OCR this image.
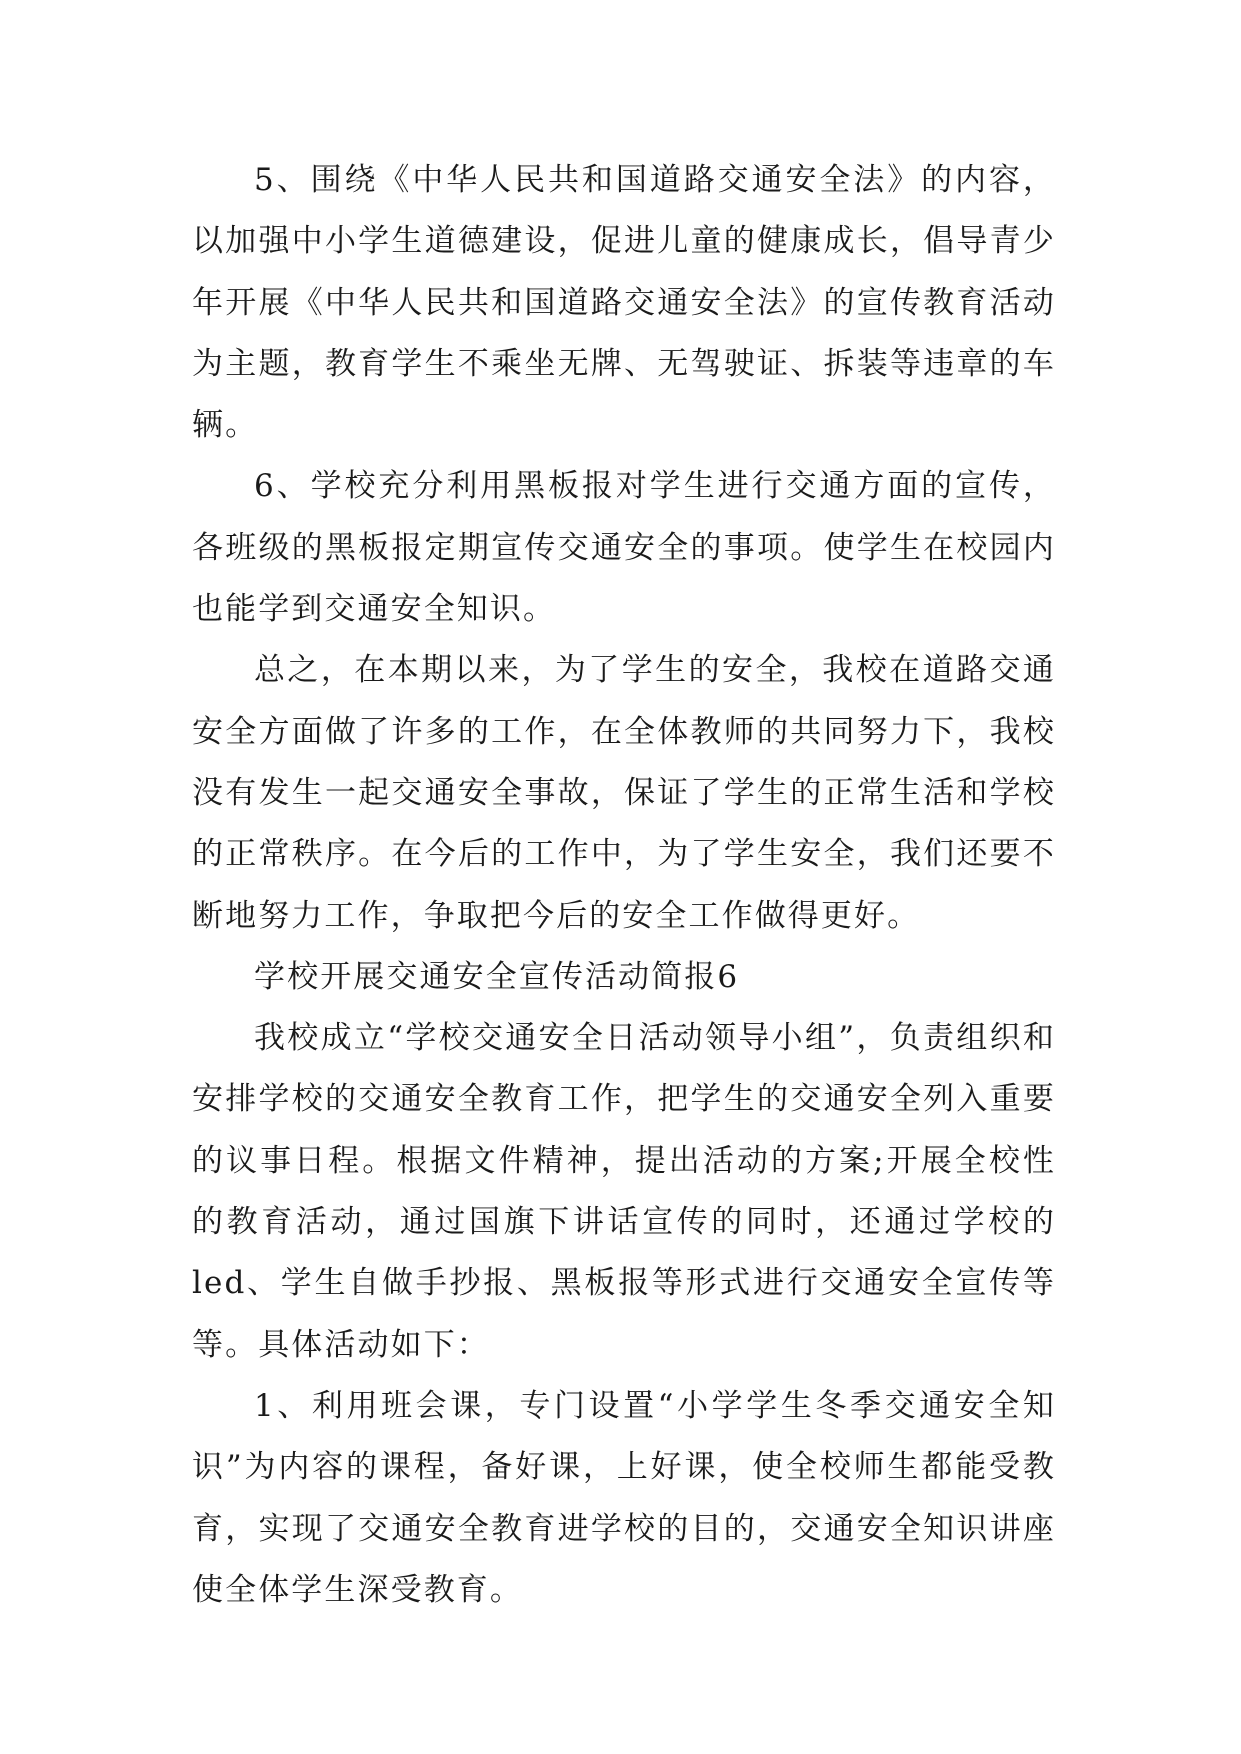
5、围绕《中华人民共和国道路交通安全法》的内容，以加强中小学生道德建设，促进儿童的健康成长，倡导青少年开展《中华人民共和国道路交通安全法》的宣传教育活动为主题，教育学生不乘坐无牌、无驾驶证、拆装等违章的车辆。

6、学校充分利用黑板报对学生进行交通方面的宣传，各班级的黑板报定期宣传交通安全的事项。使学生在校园内也能学到交通安全知识。

总之，在本期以来，为了学生的安全，我校在道路交通安全方面做了许多的工作，在全体教师的共同努力下，我校没有发生一起交通安全事故，保证了学生的正常生活和学校的正常秩序。在今后的工作中，为了学生安全，我们还要不断地努力工作，争取把今后的安全工作做得更好。

学校开展交通安全宣传活动简报6

我校成立“学校交通安全日活动领导小组”，负责组织和安排学校的交通安全教育工作，把学生的交通安全列入重要的议事日程。根据文件精神，提出活动的方案;开展全校性的教育活动，通过国旗下讲话宣传的同时，还通过学校的led、学生自做手抄报、黑板报等形式进行交通安全宣传等等。具体活动如下：

1、利用班会课，专门设置“小学学生冬季交通安全知识”为内容的课程，备好课，上好课，使全校师生都能受教育，实现了交通安全教育进学校的目的，交通安全知识讲座使全体学生深受教育。
